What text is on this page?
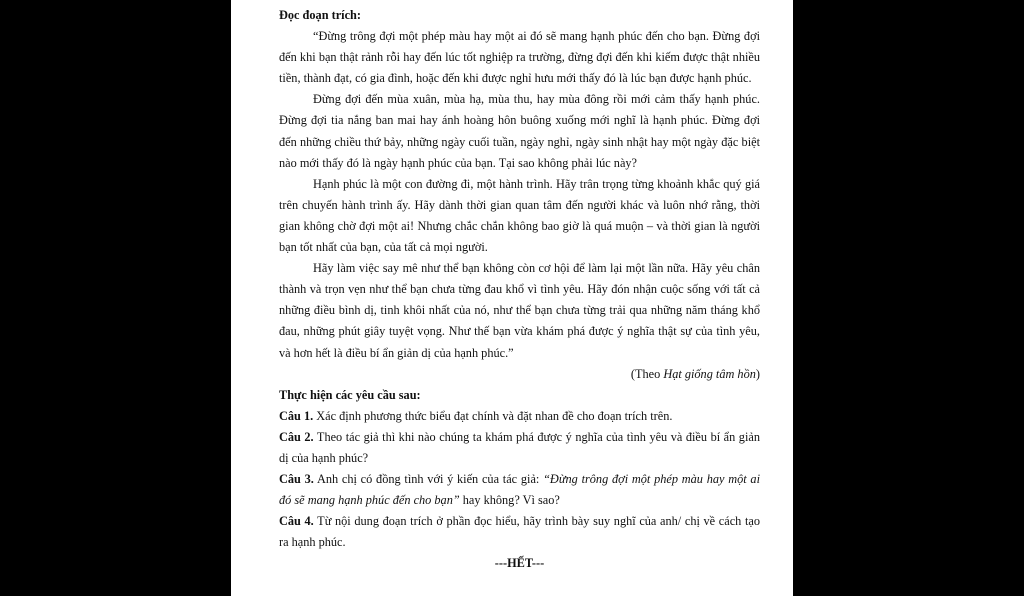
Đọc đoạn trích:

“Đừng trông đợi một phép màu hay một ai đó sẽ mang hạnh phúc đến cho bạn. Đừng đợi đến khi bạn thật rảnh rỗi hay đến lúc tốt nghiệp ra trường, đừng đợi đến khi kiếm được thật nhiều tiền, thành đạt, có gia đình, hoặc đến khi được nghỉ hưu mới thấy đó là lúc bạn được hạnh phúc.

Đừng đợi đến mùa xuân, mùa hạ, mùa thu, hay mùa đông rồi mới cảm thấy hạnh phúc. Đừng đợi tia nắng ban mai hay ánh hoàng hôn buông xuống mới nghĩ là hạnh phúc. Đừng đợi đến những chiều thứ bảy, những ngày cuối tuần, ngày nghỉ, ngày sinh nhật hay một ngày đặc biệt nào mới thấy đó là ngày hạnh phúc của bạn. Tại sao không phải lúc này?

Hạnh phúc là một con đường đi, một hành trình. Hãy trân trọng từng khoảnh khắc quý giá trên chuyến hành trình ấy. Hãy dành thời gian quan tâm đến người khác và luôn nhớ rằng, thời gian không chờ đợi một ai! Nhưng chắc chắn không bao giờ là quá muộn – và thời gian là người bạn tốt nhất của bạn, của tất cả mọi người.

Hãy làm việc say mê như thể bạn không còn cơ hội để làm lại một lần nữa. Hãy yêu chân thành và trọn vẹn như thể bạn chưa từng đau khổ vì tình yêu. Hãy đón nhận cuộc sống với tất cả những điều bình dị, tinh khôi nhất của nó, như thể bạn chưa từng trải qua những năm tháng khổ đau, những phút giây tuyệt vọng. Như thế bạn vừa khám phá được ý nghĩa thật sự của tình yêu, và hơn hết là điều bí ẩn giản dị của hạnh phúc.”

(Theo Hạt giống tâm hồn)

Thực hiện các yêu cầu sau:

Câu 1. Xác định phương thức biểu đạt chính và đặt nhan đề cho đoạn trích trên.

Câu 2. Theo tác giả thì khi nào chúng ta khám phá được ý nghĩa của tình yêu và điều bí ẩn giản dị của hạnh phúc?

Câu 3. Anh chị có đồng tình với ý kiến của tác giả: “Đừng trông đợi một phép màu hay một ai đó sẽ mang hạnh phúc đến cho bạn” hay không? Vì sao?

Câu 4. Từ nội dung đoạn trích ở phần đọc hiểu, hãy trình bày suy nghĩ của anh/ chị về cách tạo ra hạnh phúc.

---HẾT---
